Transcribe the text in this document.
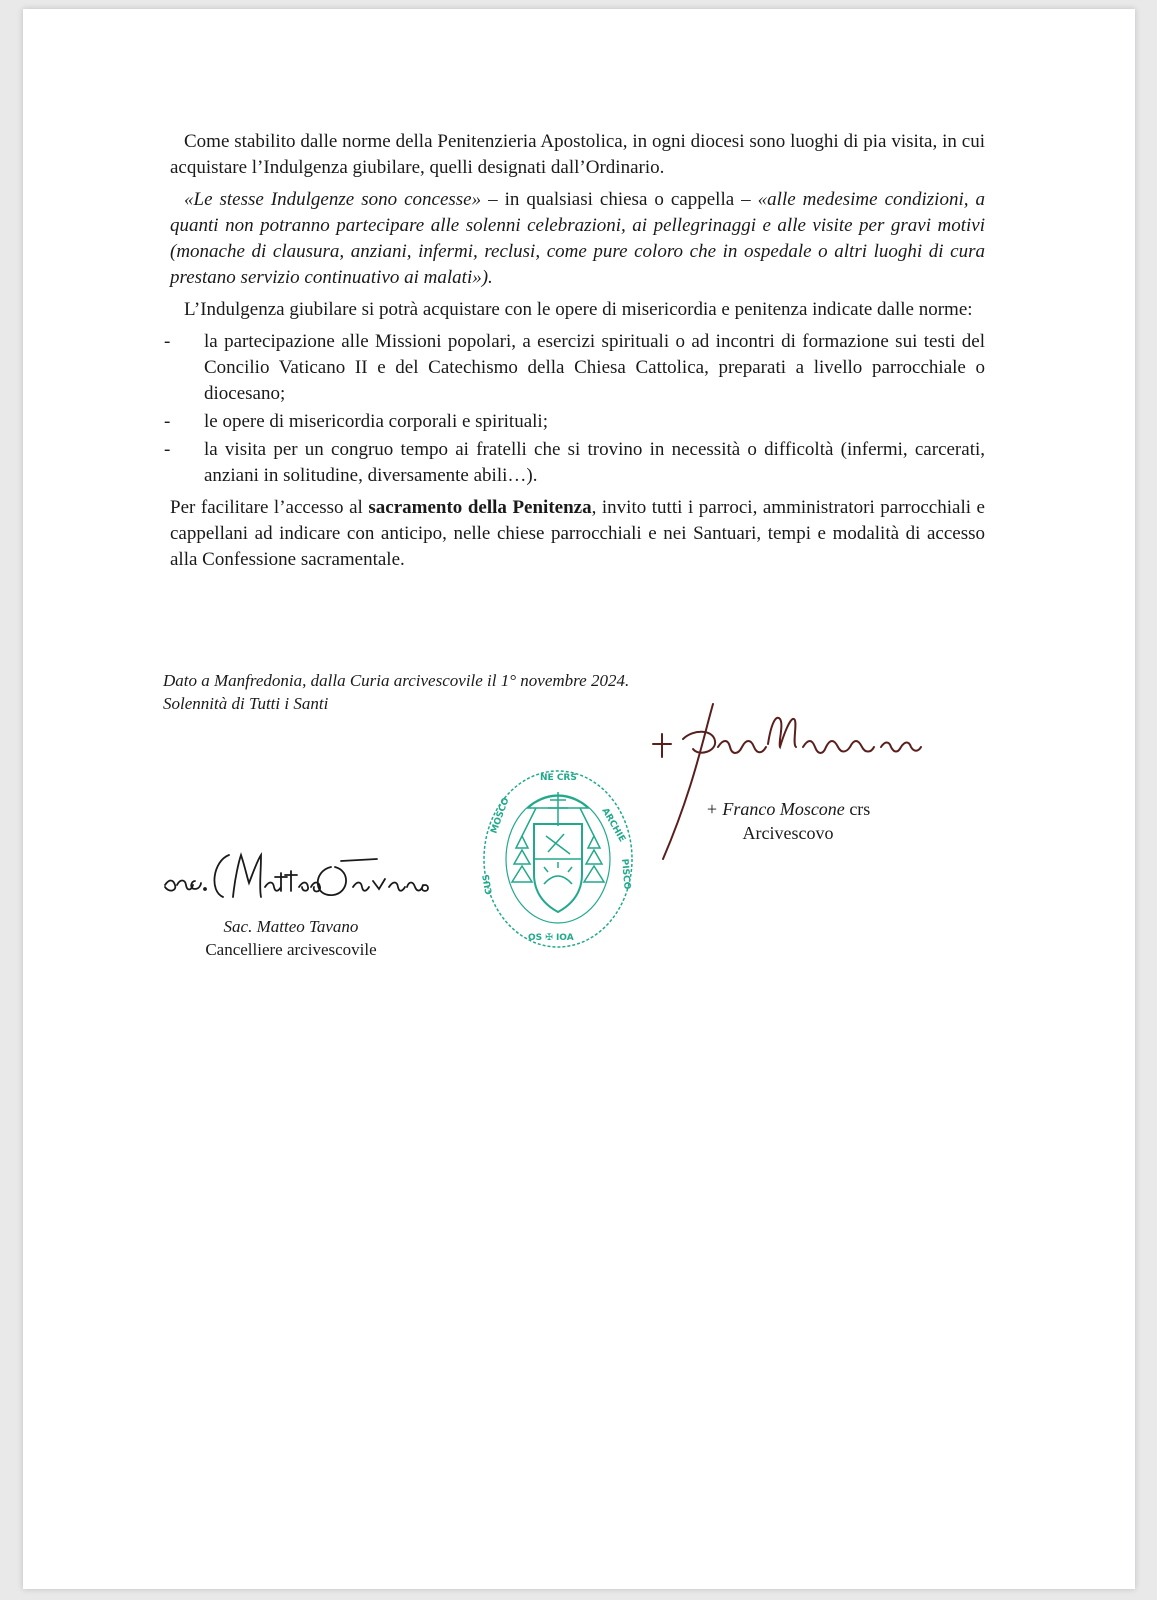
Come stabilito dalle norme della Penitenzieria Apostolica, in ogni diocesi sono luoghi di pia visita, in cui acquistare l’Indulgenza giubilare, quelli designati dall’Ordinario.

«Le stesse Indulgenze sono concesse» – in qualsiasi chiesa o cappella – «alle medesime condizioni, a quanti non potranno partecipare alle solenni celebrazioni, ai pellegrinaggi e alle visite per gravi motivi (monache di clausura, anziani, infermi, reclusi, come pure coloro che in ospedale o altri luoghi di cura prestano servizio continuativo ai malati»).

L’Indulgenza giubilare si potrà acquistare con le opere di misericordia e penitenza indicate dalle norme:

- la partecipazione alle Missioni popolari, a esercizi spirituali o ad incontri di formazione sui testi del Concilio Vaticano II e del Catechismo della Chiesa Cattolica, preparati a livello parrocchiale o diocesano;
- le opere di misericordia corporali e spirituali;
- la visita per un congruo tempo ai fratelli che si trovino in necessità o difficoltà (infermi, carcerati, anziani in solitudine, diversamente abili…).

Per facilitare l’accesso al sacramento della Penitenza, invito tutti i parroci, amministratori parrocchiali e cappellani ad indicare con anticipo, nelle chiese parrocchiali e nei Santuari, tempi e modalità di accesso alla Confessione sacramentale.

Dato a Manfredonia, dalla Curia arcivescovile il 1° novembre 2024.
Solennità di Tutti i Santi
NE CRS
MOSCO	ARCHIE
PISCO
CUS
OS ✠ IOA
+ Franco Moscone crs
Arcivescovo
Sac. Matteo Tavano
Cancelliere arcivescovile
